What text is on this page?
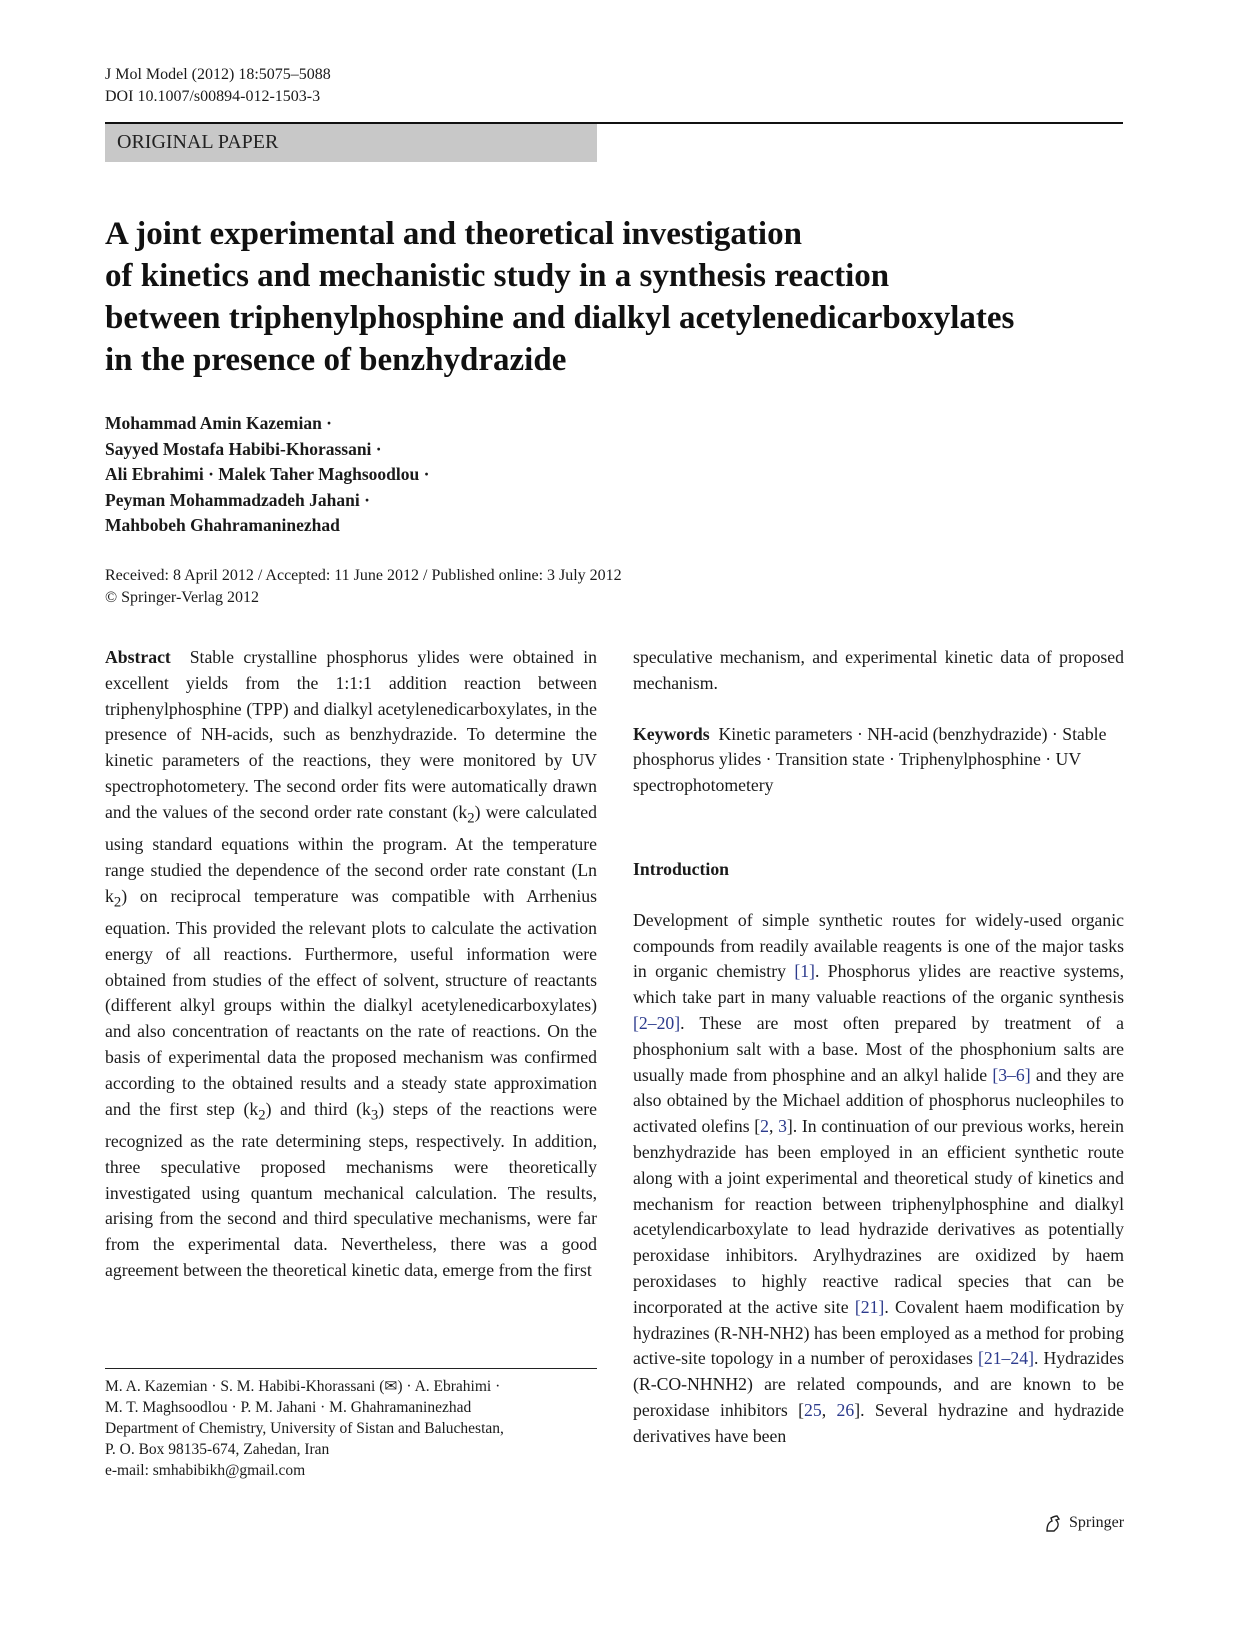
J Mol Model (2012) 18:5075–5088
DOI 10.1007/s00894-012-1503-3
ORIGINAL PAPER
A joint experimental and theoretical investigation
of kinetics and mechanistic study in a synthesis reaction
between triphenylphosphine and dialkyl acetylenedicarboxylates
in the presence of benzhydrazide
Mohammad Amin Kazemian ·
Sayyed Mostafa Habibi-Khorassani ·
Ali Ebrahimi · Malek Taher Maghsoodlou ·
Peyman Mohammadzadeh Jahani ·
Mahbobeh Ghahramaninezhad
Received: 8 April 2012 / Accepted: 11 June 2012 / Published online: 3 July 2012
© Springer-Verlag 2012

Abstract Stable crystalline phosphorus ylides were obtained in excellent yields from the 1:1:1 addition reaction between triphenylphosphine (TPP) and dialkyl acetylenedicarboxylates, in the presence of NH-acids, such as benzhydrazide. To determine the kinetic parameters of the reactions, they were monitored by UV spectrophotometery. The second order fits were automatically drawn and the values of the second order rate constant $(k_2)$ were calculated using standard equations within the program. At the temperature range studied the dependence of the second order rate constant (Ln $k_2$) on reciprocal temperature was compatible with Arrhenius equation. This provided the relevant plots to calculate the activation energy of all reactions. Furthermore, useful information were obtained from studies of the effect of solvent, structure of reactants (different alkyl groups within the dialkyl acetylenedicarboxylates) and also concentration of reactants on the rate of reactions. On the basis of experimental data the proposed mechanism was confirmed according to the obtained results and a steady state approximation and the first step $(k_2)$ and third $(k_3)$ steps of the reactions were recognized as the rate determining steps, respectively. In addition, three speculative proposed mechanisms were theoretically investigated using quantum mechanical calculation. The results, arising from the second and third speculative mechanisms, were far from the experimental data. Nevertheless, there was a good agreement between the theoretical kinetic data, emerge from the first

speculative mechanism, and experimental kinetic data of proposed mechanism.

Keywords Kinetic parameters · NH-acid (benzhydrazide) · Stable phosphorus ylides · Transition state · Triphenylphosphine · UV spectrophotometery

Introduction

Development of simple synthetic routes for widely-used organic compounds from readily available reagents is one of the major tasks in organic chemistry [1]. Phosphorus ylides are reactive systems, which take part in many valuable reactions of the organic synthesis [2–20]. These are most often prepared by treatment of a phosphonium salt with a base. Most of the phosphonium salts are usually made from phosphine and an alkyl halide [3–6] and they are also obtained by the Michael addition of phosphorus nucleophiles to activated olefins [2, 3]. In continuation of our previous works, herein benzhydrazide has been employed in an efficient synthetic route along with a joint experimental and theoretical study of kinetics and mechanism for reaction between triphenylphosphine and dialkyl acetylendicarboxylate to lead hydrazide derivatives as potentially peroxidase inhibitors. Arylhydrazines are oxidized by haem peroxidases to highly reactive radical species that can be incorporated at the active site [21]. Covalent haem modification by hydrazines (R-NH-NH2) has been employed as a method for probing active-site topology in a number of peroxidases [21–24]. Hydrazides (R-CO-NHNH2) are related compounds, and are known to be peroxidase inhibitors [25, 26]. Several hydrazine and hydrazide derivatives have been

M. A. Kazemian · S. M. Habibi-Khorassani (✉) · A. Ebrahimi ·
M. T. Maghsoodlou · P. M. Jahani · M. Ghahramaninezhad
Department of Chemistry, University of Sistan and Baluchestan,
P. O. Box 98135-674, Zahedan, Iran
e-mail: smhabibikh@gmail.com
Springer
